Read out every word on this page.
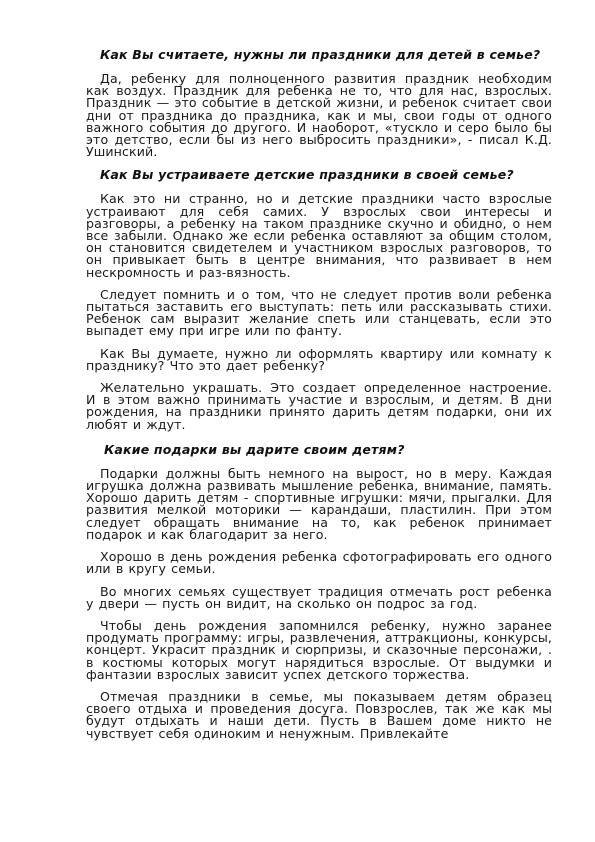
Как Вы считаете, нужны ли праздники для детей в семье?

Да, ребенку для полноценного развития праздник необходим как воздух. Праздник для ребенка не то, что для нас, взрослых. Праздник — это событие в детской жизни, и ребенок считает свои дни от праздника до праздника, как и мы, свои годы от одного важного события до другого. И наоборот, «тускло и серо было бы это детство, если бы из него выбросить праздники», - писал К.Д. Ушинский.

Как Вы устраиваете детские праздники в своей семье?

Как это ни странно, но и детские праздники часто взрослые устраивают для себя самих. У взрослых свои интересы и разговоры, а ребенку на таком празднике скучно и обидно, о нем все забыли. Однако же если ребенка оставляют за общим столом, он становится свидетелем и участником взрослых разговоров, то он привыкает быть в центре внимания, что развивает в нем нескромность и раз-вязность.

Следует помнить и о том, что не следует против воли ребенка пытаться заставить его выступать: петь или рассказывать стихи. Ребенок сам выразит желание спеть или станцевать, если это выпадет ему при игре или по фанту.

Как Вы думаете, нужно ли оформлять квартиру или комнату к празднику? Что это дает ребенку?

Желательно украшать. Это создает определенное настроение. И в этом важно принимать участие и взрослым, и детям. В дни рождения, на праздники принято дарить детям подарки, они их любят и ждут.

Какие подарки вы дарите своим детям?

Подарки должны быть немного на вырост, но в меру. Каждая игрушка должна развивать мышление ребенка, внимание, память. Хорошо дарить детям - спортивные игрушки: мячи, прыгалки. Для развития мелкой моторики — карандаши, пластилин. При этом следует обращать внимание на то, как ребенок принимает подарок и как благодарит за него.

Хорошо в день рождения ребенка сфотографировать его одного или в кругу семьи.

Во многих семьях существует традиция отмечать рост ребенка у двери — пусть он видит, на сколько он подрос за год.

Чтобы день рождения запомнился ребенку, нужно заранее продумать программу: игры, развлечения, аттракционы, конкурсы, концерт. Украсит праздник и сюрпризы, и сказочные персонажи, . в костюмы которых могут нарядиться взрослые. От выдумки и фантазии взрослых зависит успех детского торжества.

Отмечая праздники в семье, мы показываем детям образец своего отдыха и проведения досуга. Повзрослев, так же как мы будут отдыхать и наши дети. Пусть в Вашем доме никто не чувствует себя одиноким и ненужным. Привлекайте
